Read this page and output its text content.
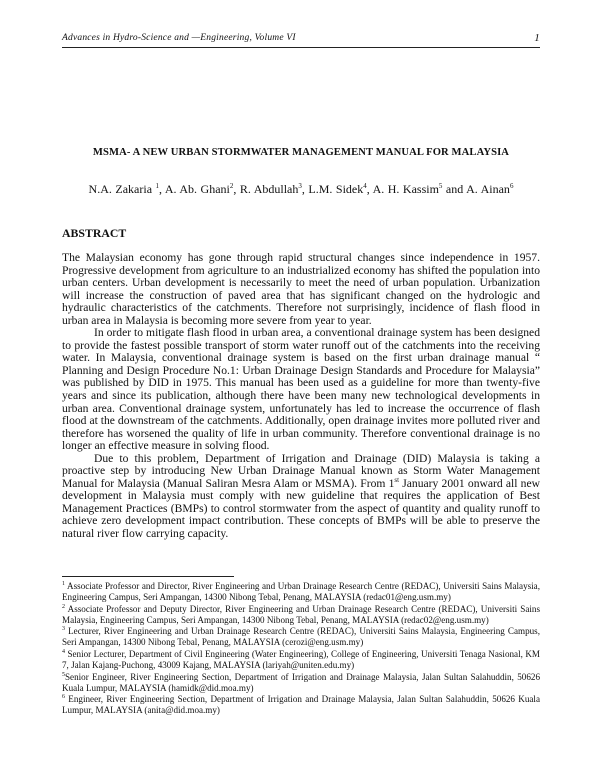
Advances in Hydro-Science and —Engineering, Volume VI	1
MSMA- A NEW URBAN STORMWATER MANAGEMENT MANUAL FOR MALAYSIA
N.A. Zakaria $^1$, A. Ab. Ghani$^2$, R. Abdullah$^3$, L.M. Sidek$^4$, A. H. Kassim$^5$ and A. Ainan$^6$
ABSTRACT

The Malaysian economy has gone through rapid structural changes since independence in 1957. Progressive development from agriculture to an industrialized economy has shifted the population into urban centers. Urban development is necessarily to meet the need of urban population. Urbanization will increase the construction of paved area that has significant changed on the hydrologic and hydraulic characteristics of the catchments. Therefore not surprisingly, incidence of flash flood in urban area in Malaysia is becoming more severe from year to year.

In order to mitigate flash flood in urban area, a conventional drainage system has been designed to provide the fastest possible transport of storm water runoff out of the catchments into the receiving water. In Malaysia, conventional drainage system is based on the first urban drainage manual “ Planning and Design Procedure No.1: Urban Drainage Design Standards and Procedure for Malaysia” was published by DID in 1975. This manual has been used as a guideline for more than twenty-five years and since its publication, although there have been many new technological developments in urban area. Conventional drainage system, unfortunately has led to increase the occurrence of flash flood at the downstream of the catchments. Additionally, open drainage invites more polluted river and therefore has worsened the quality of life in urban community. Therefore conventional drainage is no longer an effective measure in solving flood.

Due to this problem, Department of Irrigation and Drainage (DID) Malaysia is taking a proactive step by introducing New Urban Drainage Manual known as Storm Water Management Manual for Malaysia (Manual Saliran Mesra Alam or MSMA). From 1st January 2001 onward all new development in Malaysia must comply with new guideline that requires the application of Best Management Practices (BMPs) to control stormwater from the aspect of quantity and quality runoff to achieve zero development impact contribution. These concepts of BMPs will be able to preserve the natural river flow carrying capacity.

$^1$ Associate Professor and Director, River Engineering and Urban Drainage Research Centre (REDAC), Universiti Sains Malaysia, Engineering Campus, Seri Ampangan, 14300 Nibong Tebal, Penang, MALAYSIA (redac01@eng.usm.my)

$^2$ Associate Professor and Deputy Director, River Engineering and Urban Drainage Research Centre (REDAC), Universiti Sains Malaysia, Engineering Campus, Seri Ampangan, 14300 Nibong Tebal, Penang, MALAYSIA (redac02@eng.usm.my)

$^3$ Lecturer, River Engineering and Urban Drainage Research Centre (REDAC), Universiti Sains Malaysia, Engineering Campus, Seri Ampangan, 14300 Nibong Tebal, Penang, MALAYSIA (cerozi@eng.usm.my)

$^4$ Senior Lecturer, Department of Civil Engineering (Water Engineering), College of Engineering, Universiti Tenaga Nasional, KM 7, Jalan Kajang-Puchong, 43009 Kajang, MALAYSIA (lariyah@uniten.edu.my)

$^5$Senior Engineer, River Engineering Section, Department of Irrigation and Drainage Malaysia, Jalan Sultan Salahuddin, 50626 Kuala Lumpur, MALAYSIA (hamidk@did.moa.my)

$^6$ Engineer, River Engineering Section, Department of Irrigation and Drainage Malaysia, Jalan Sultan Salahuddin, 50626 Kuala Lumpur, MALAYSIA (anita@did.moa.my)
